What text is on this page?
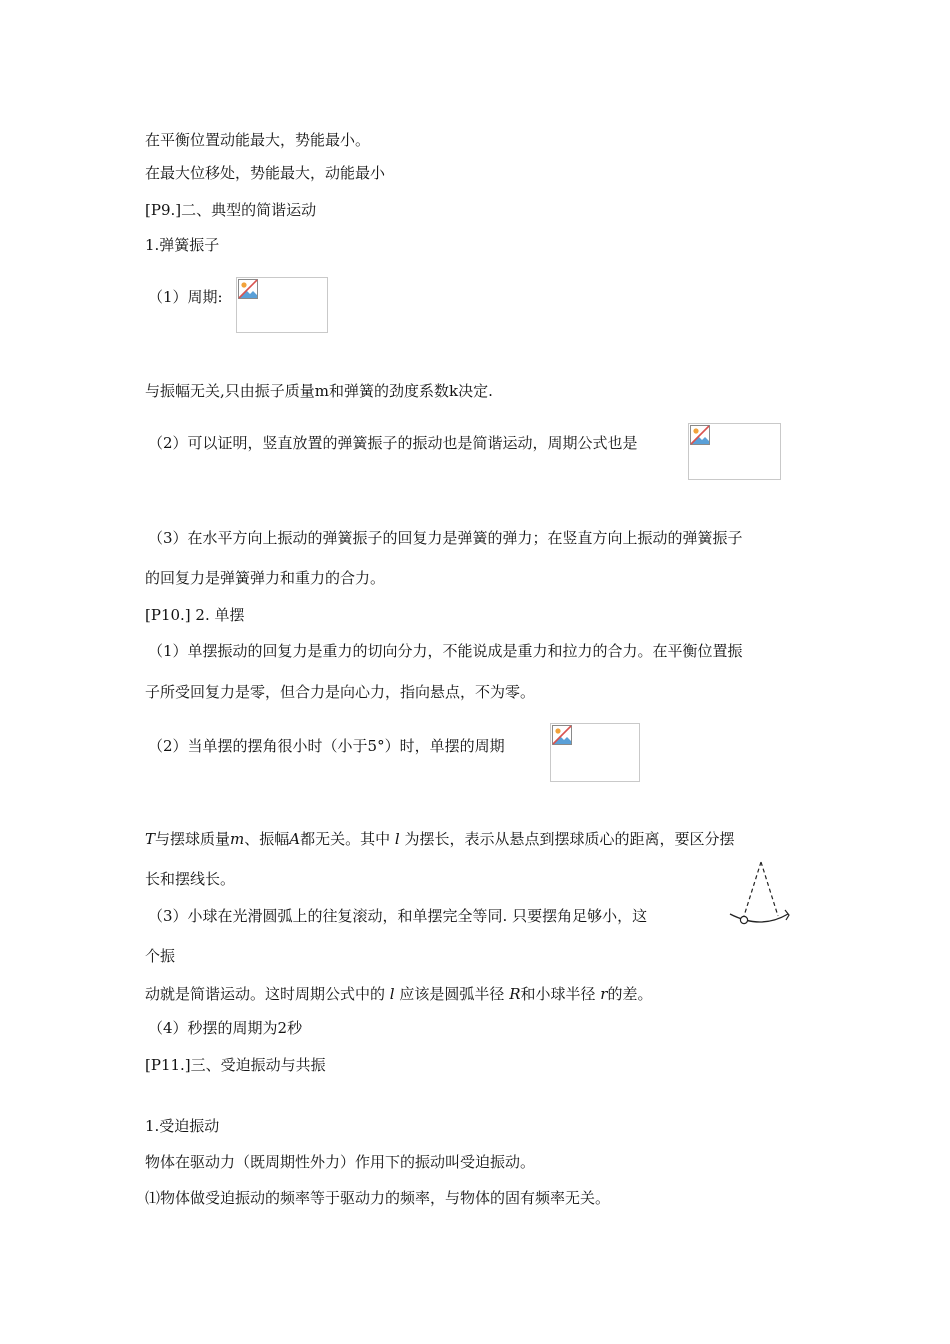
在平衡位置动能最大，势能最小。
在最大位移处，势能最大，动能最小
[P9.]二、典型的简谐运动
1.弹簧振子
（1）周期:
与振幅无关,只由振子质量m和弹簧的劲度系数k决定.
（2）可以证明，竖直放置的弹簧振子的振动也是简谐运动，周期公式也是
（3）在水平方向上振动的弹簧振子的回复力是弹簧的弹力；在竖直方向上振动的弹簧振子
的回复力是弹簧弹力和重力的合力。
[P10.] 2. 单摆
（1）单摆振动的回复力是重力的切向分力，不能说成是重力和拉力的合力。在平衡位置振
子所受回复力是零，但合力是向心力，指向悬点，不为零。
（2）当单摆的摆角很小时（小于5°）时，单摆的周期
T与摆球质量m、振幅A都无关。其中 l 为摆长，表示从悬点到摆球质心的距离，要区分摆
长和摆线长。
（3）小球在光滑圆弧上的往复滚动，和单摆完全等同. 只要摆角足够小，这
个振
动就是简谐运动。这时周期公式中的 l 应该是圆弧半径 R和小球半径 r的差。
（4）秒摆的周期为2秒
[P11.]三、受迫振动与共振
1.受迫振动
物体在驱动力（既周期性外力）作用下的振动叫受迫振动。
⑴物体做受迫振动的频率等于驱动力的频率，与物体的固有频率无关。
